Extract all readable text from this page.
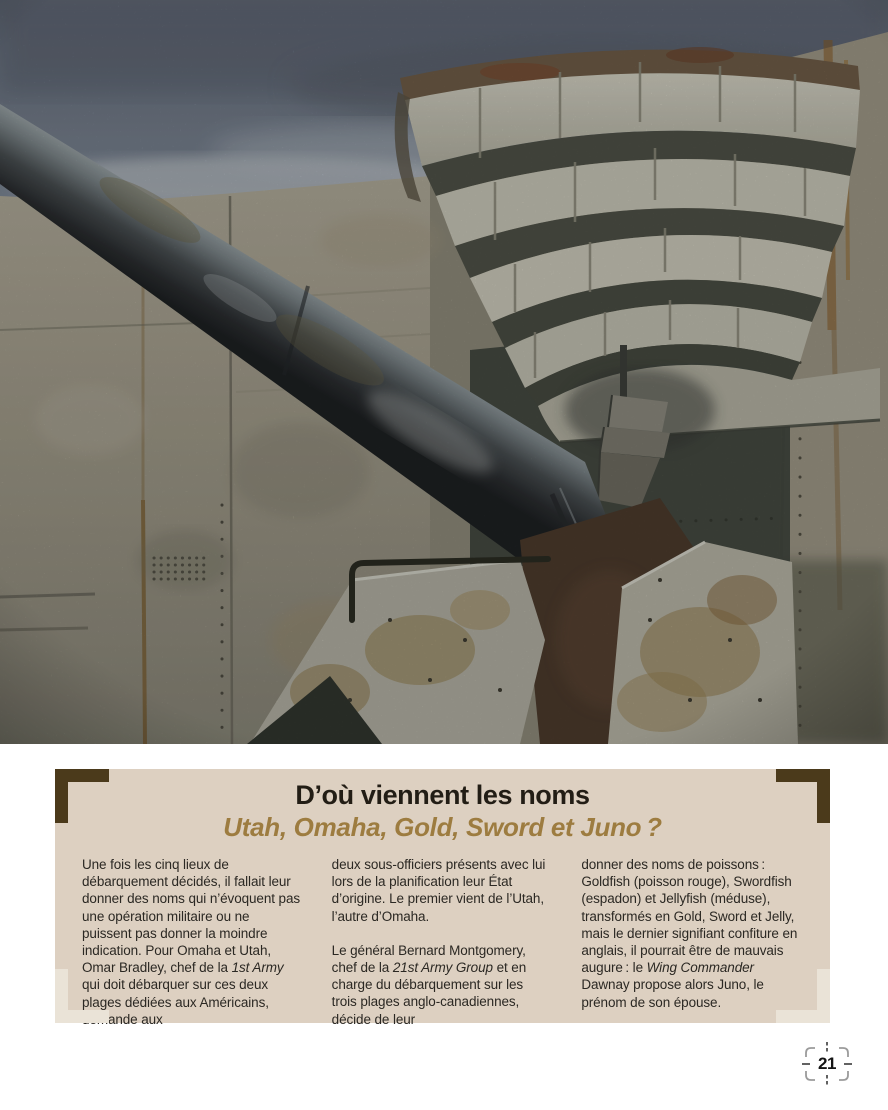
D’où viennent les noms
Utah, Omaha, Gold, Sword et Juno ?

Une fois les cinq lieux de débarquement décidés, il fallait leur donner des noms qui n’évoquent pas une opération militaire ou ne puissent pas donner la moindre indication. Pour Omaha et Utah, Omar Bradley, chef de la 1st Army qui doit débarquer sur ces deux plages dédiées aux Américains, demande aux

deux sous-officiers présents avec lui lors de la planification leur État d’origine. Le premier vient de l’Utah, l’autre d’Omaha.

Le général Bernard Montgomery, chef de la 21st Army Group et en charge du débarquement sur les trois plages anglo-canadiennes, décide de leur

donner des noms de poissons : Goldfish (poisson rouge), Swordfish (espadon) et Jellyfish (méduse), transformés en Gold, Sword et Jelly, mais le dernier signifiant confiture en anglais, il pourrait être de mauvais augure : le Wing Commander Dawnay propose alors Juno, le prénom de son épouse.

21
